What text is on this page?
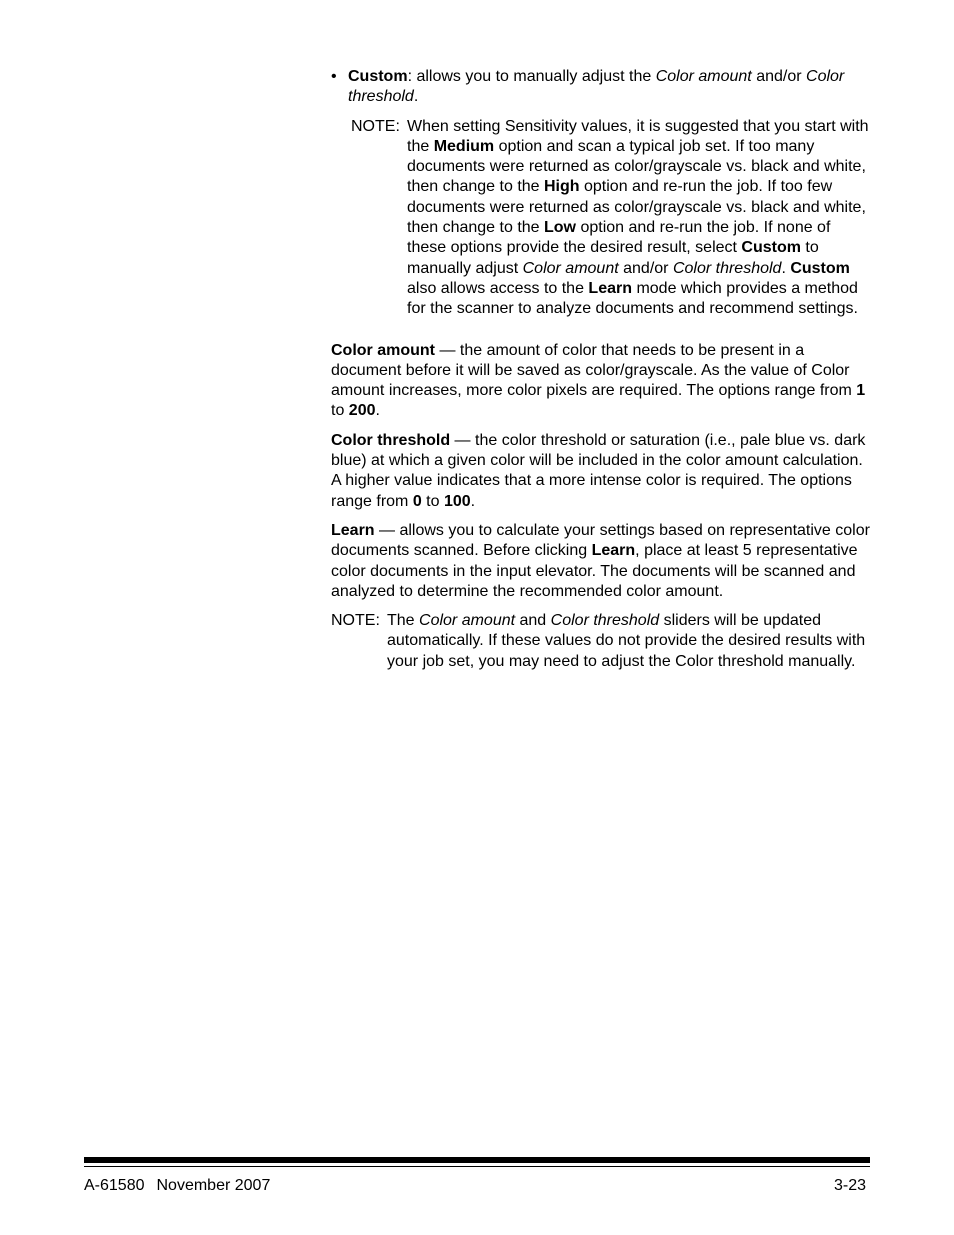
• Custom: allows you to manually adjust the Color amount and/or Color threshold.

NOTE: When setting Sensitivity values, it is suggested that you start with the Medium option and scan a typical job set. If too many documents were returned as color/grayscale vs. black and white, then change to the High option and re-run the job. If too few documents were returned as color/grayscale vs. black and white, then change to the Low option and re-run the job. If none of these options provide the desired result, select Custom to manually adjust Color amount and/or Color threshold. Custom also allows access to the Learn mode which provides a method for the scanner to analyze documents and recommend settings.

Color amount — the amount of color that needs to be present in a document before it will be saved as color/grayscale. As the value of Color amount increases, more color pixels are required. The options range from 1 to 200.

Color threshold — the color threshold or saturation (i.e., pale blue vs. dark blue) at which a given color will be included in the color amount calculation. A higher value indicates that a more intense color is required. The options range from 0 to 100.

Learn — allows you to calculate your settings based on representative color documents scanned. Before clicking Learn, place at least 5 representative color documents in the input elevator. The documents will be scanned and analyzed to determine the recommended color amount.

NOTE: The Color amount and Color threshold sliders will be updated automatically. If these values do not provide the desired results with your job set, you may need to adjust the Color threshold manually.

A-61580 November 2007	3-23
